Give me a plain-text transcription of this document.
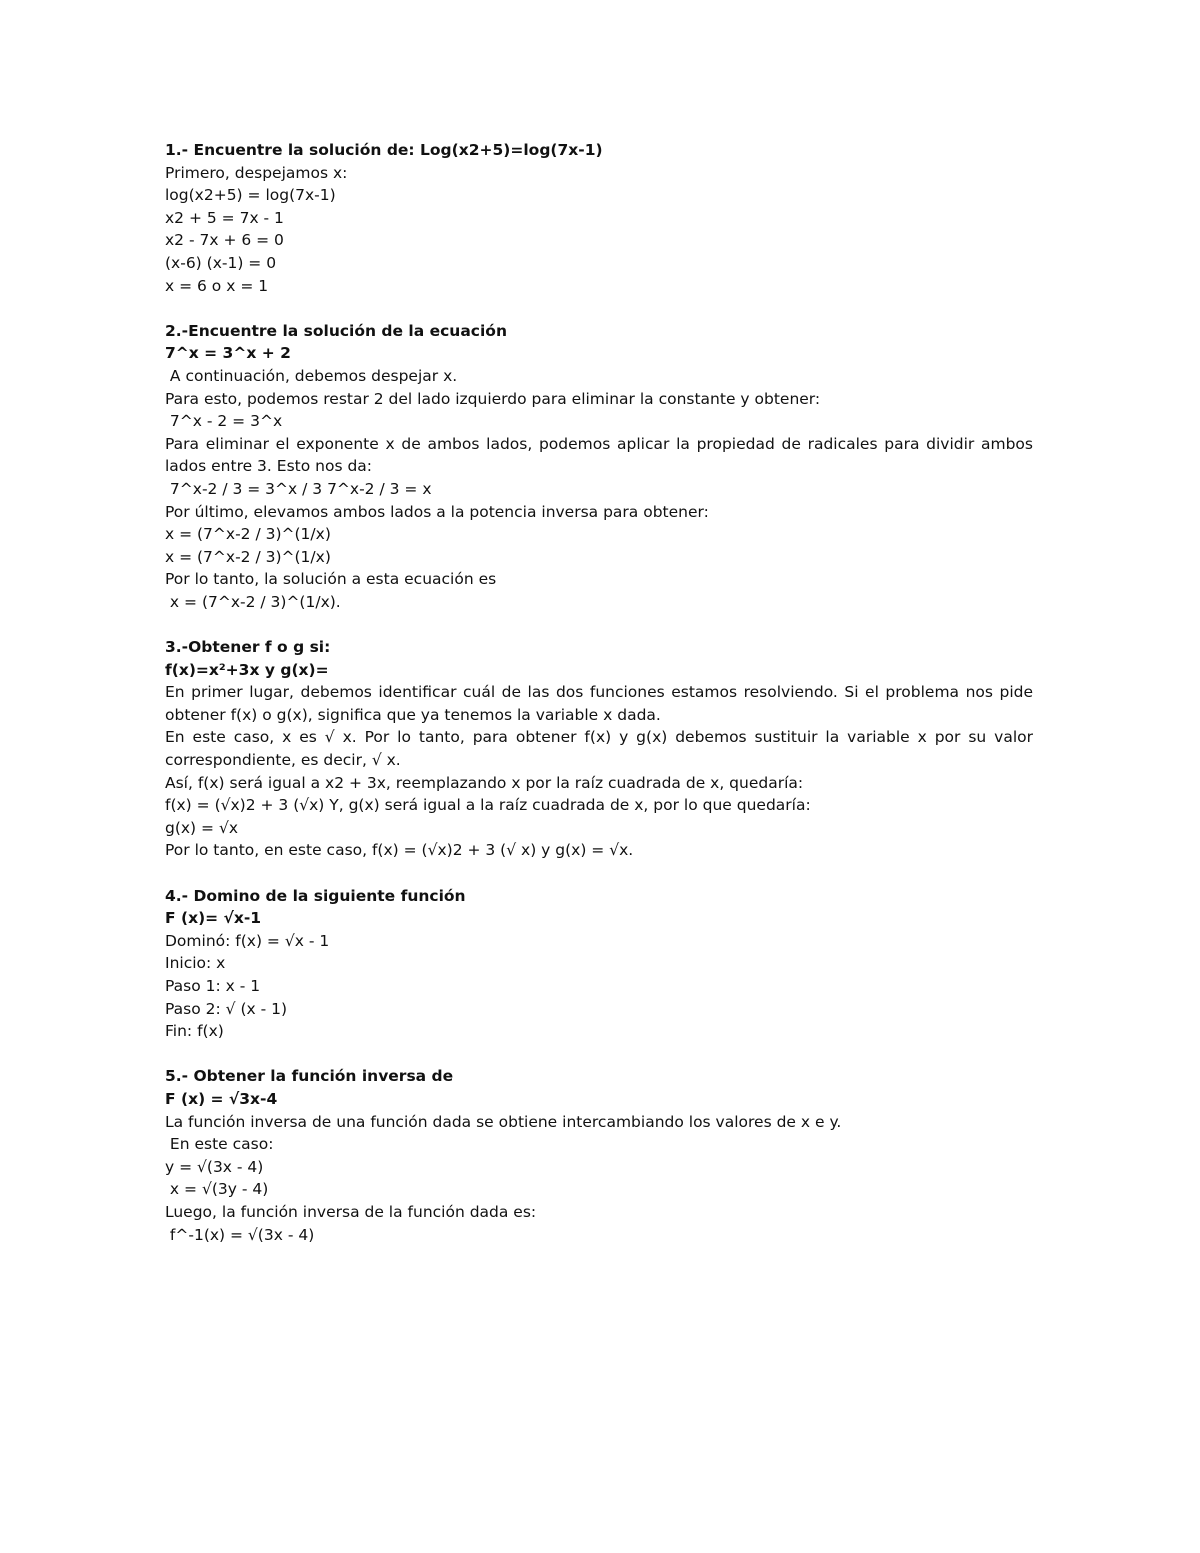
1.- Encuentre la solución de: Log(x2+5)=log(7x-1)
Primero, despejamos x:
log(x2+5) = log(7x-1)
x2 + 5 = 7x - 1
x2 - 7x + 6 = 0
(x-6) (x-1) = 0
x = 6 o x = 1
2.-Encuentre la solución de la ecuación
7^x = 3^x + 2
A continuación, debemos despejar x.
Para esto, podemos restar 2 del lado izquierdo para eliminar la constante y obtener:
7^x - 2 = 3^x
Para eliminar el exponente x de ambos lados, podemos aplicar la propiedad de radicales para dividir ambos lados entre 3. Esto nos da:
7^x-2 / 3 = 3^x / 3 7^x-2 / 3 = x
Por último, elevamos ambos lados a la potencia inversa para obtener:
x = (7^x-2 / 3)^(1/x)
x = (7^x-2 / 3)^(1/x)
Por lo tanto, la solución a esta ecuación es
x = (7^x-2 / 3)^(1/x).
3.-Obtener f o g si:
f(x)=x²+3x y g(x)=
En primer lugar, debemos identificar cuál de las dos funciones estamos resolviendo. Si el problema nos pide obtener f(x) o g(x), significa que ya tenemos la variable x dada.
En este caso, x es √ x. Por lo tanto, para obtener f(x) y g(x) debemos sustituir la variable x por su valor correspondiente, es decir, √ x.
Así, f(x) será igual a x2 + 3x, reemplazando x por la raíz cuadrada de x, quedaría:
f(x) = (√x)2 + 3 (√x) Y, g(x) será igual a la raíz cuadrada de x, por lo que quedaría:
g(x) = √x
Por lo tanto, en este caso, f(x) = (√x)2 + 3 (√ x) y g(x) = √x.
4.- Domino de la siguiente función
F (x)= √x-1
Dominó: f(x) = √x - 1
Inicio: x
Paso 1: x - 1
Paso 2: √ (x - 1)
Fin: f(x)
5.- Obtener la función inversa de
F (x) = √3x-4
La función inversa de una función dada se obtiene intercambiando los valores de x e y.
En este caso:
y = √(3x - 4)
x = √(3y - 4)
Luego, la función inversa de la función dada es:
f^-1(x) = √(3x - 4)
